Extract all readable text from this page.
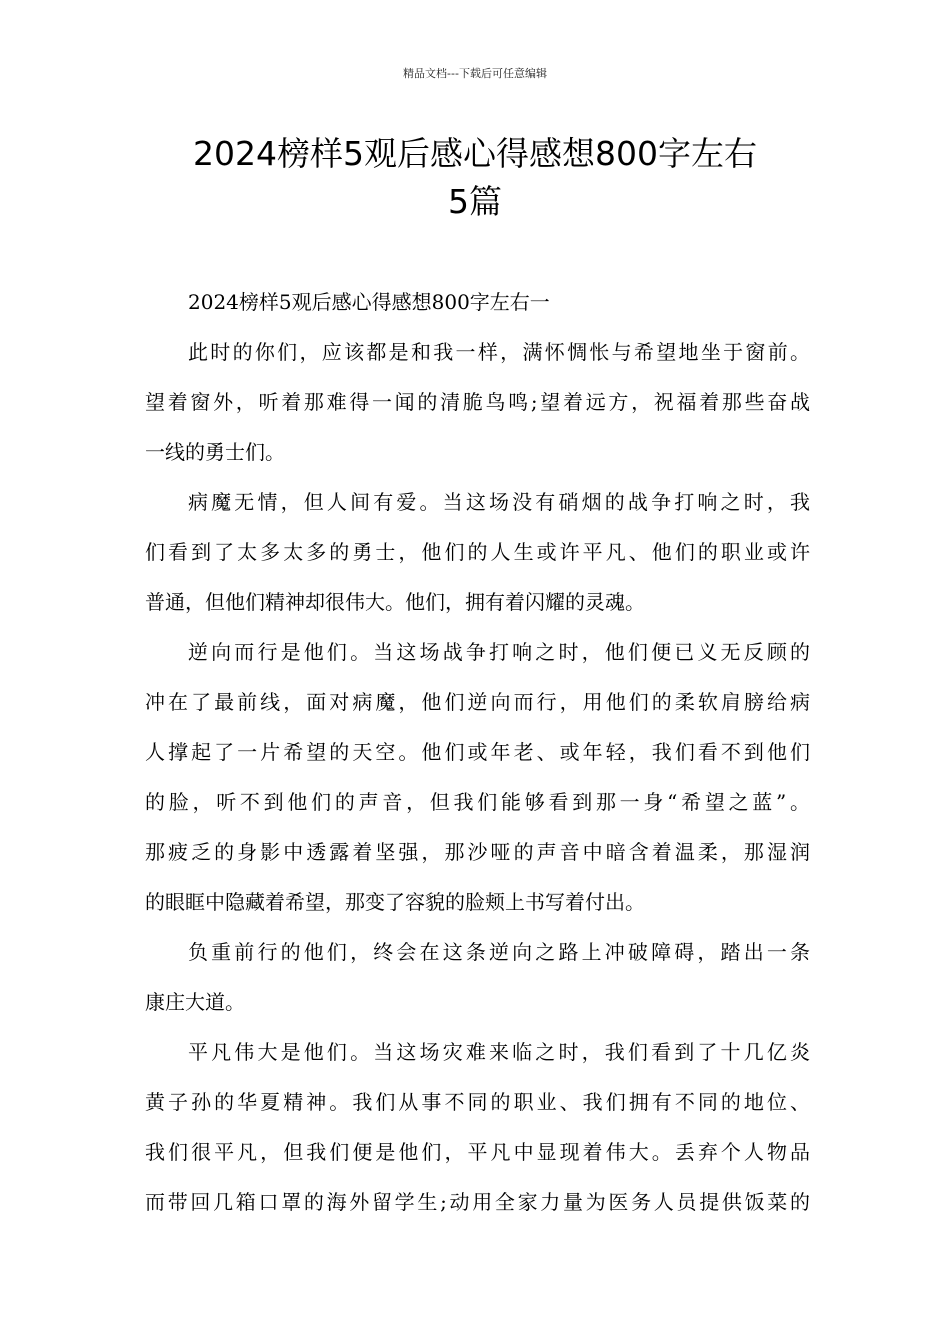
精品文档---下载后可任意编辑
2024榜样5观后感心得感想800字左右
5篇
2024榜样5观后感心得感想800字左右一
此时的你们，应该都是和我一样，满怀惆怅与希望地坐于窗前。
望着窗外，听着那难得一闻的清脆鸟鸣;望着远方，祝福着那些奋战
一线的勇士们。
病魔无情，但人间有爱。当这场没有硝烟的战争打响之时，我
们看到了太多太多的勇士，他们的人生或许平凡、他们的职业或许
普通，但他们精神却很伟大。他们，拥有着闪耀的灵魂。
逆向而行是他们。当这场战争打响之时，他们便已义无反顾的
冲在了最前线，面对病魔，他们逆向而行，用他们的柔软肩膀给病
人撑起了一片希望的天空。他们或年老、或年轻，我们看不到他们
的脸，听不到他们的声音，但我们能够看到那一身“希望之蓝”。
那疲乏的身影中透露着坚强，那沙哑的声音中暗含着温柔，那湿润
的眼眶中隐藏着希望，那变了容貌的脸颊上书写着付出。
负重前行的他们，终会在这条逆向之路上冲破障碍，踏出一条
康庄大道。
平凡伟大是他们。当这场灾难来临之时，我们看到了十几亿炎
黄子孙的华夏精神。我们从事不同的职业、我们拥有不同的地位、
我们很平凡，但我们便是他们，平凡中显现着伟大。丢弃个人物品
而带回几箱口罩的海外留学生;动用全家力量为医务人员提供饭菜的
